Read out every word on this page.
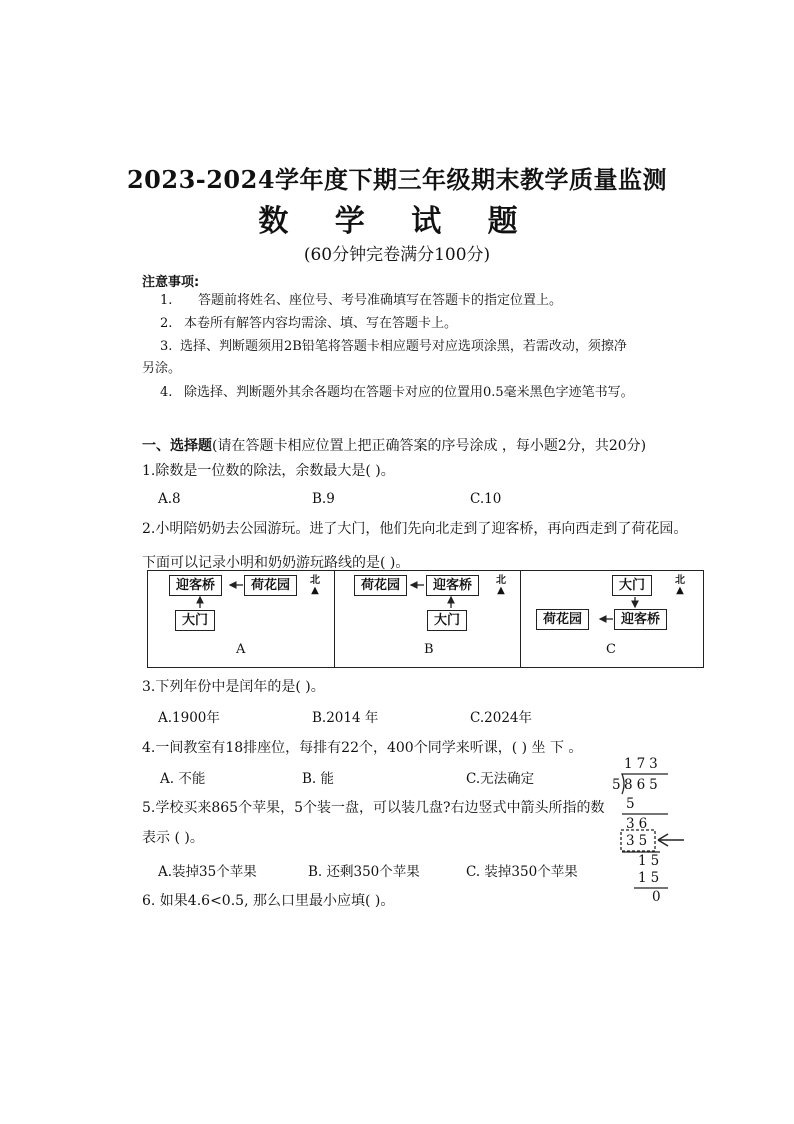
2023-2024学年度下期三年级期末教学质量监测
数 学 试 题
(60分钟完卷满分100分)
注意事项:
1. 答题前将姓名、座位号、考号准确填写在答题卡的指定位置上。
2. 本卷所有解答内容均需涂、填、写在答题卡上。
3. 选择、判断题须用2B铅笔将答题卡相应题号对应选项涂黑，若需改动，须擦净
另涂。
4. 除选择、判断题外其余各题均在答题卡对应的位置用0.5毫米黑色字迹笔书写。
一、选择题(请在答题卡相应位置上把正确答案的序号涂成 ，每小题2分，共20分)
1.除数是一位数的除法，余数最大是( )。
A.8	B.9	C.10
2.小明陪奶奶去公园游玩。进了大门，他们先向北走到了迎客桥，再向西走到了荷花园。
下面可以记录小明和奶奶游玩路线的是( )。
迎客桥	荷花园
大门
北
▲
A
荷花园	迎客桥
大门
北
▲
B
大门
迎客桥
荷花园
北
▲
C
3.下列年份中是闰年的是( )。
A.1900年	B.2014 年	C.2024年
4.一间教室有18排座位，每排有22个，400个同学来听课，( ) 坐 下 。
A. 不能	B. 能	C.无法确定
5.学校买来865个苹果，5个装一盘，可以装几盘?右边竖式中箭头所指的数
表示 ( )。
A.装掉35个苹果	B. 还剩350个苹果	C. 装掉350个苹果
173
5 865
5
36
35
15
15
0
6. 如果4.6<0.5, 那么口里最小应填( )。
